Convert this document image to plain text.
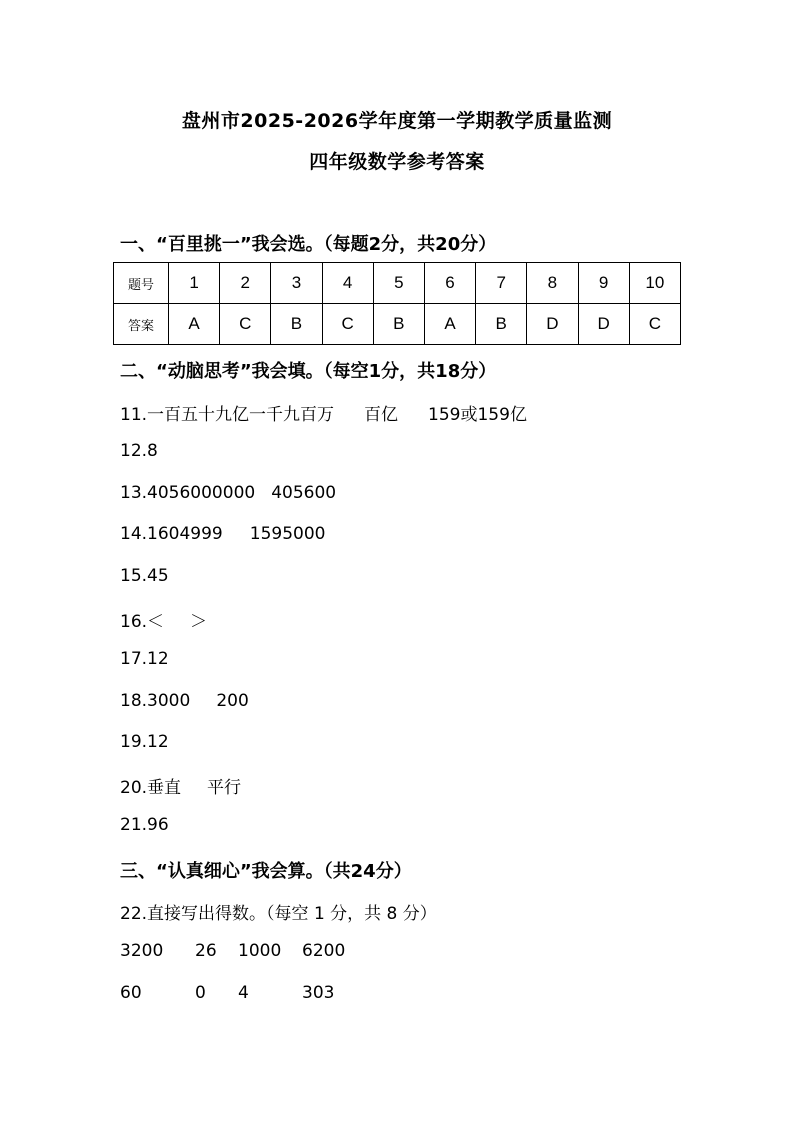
盘州市2025-2026学年度第一学期教学质量监测
四年级数学参考答案
一、“百里挑一”我会选。（每题2分，共20分）
题号	1	2	3	4	5	6	7	8	9	10
答案	A	C	B	C	B	A	B	D	D	C
二、“动脑思考”我会填。（每空1分，共18分）
11.一百五十九亿一千九百万 百亿 159或159亿
12.8
13.4056000000 405600
14.1604999 1595000
15.45
16.＜ ＞
17.12
18.3000 200
19.12
20.垂直 平行
21.96
三、“认真细心”我会算。（共24分）
22.直接写出得数。（每空 1 分，共 8 分）
3200 26 1000 6200
60	0 4	303
